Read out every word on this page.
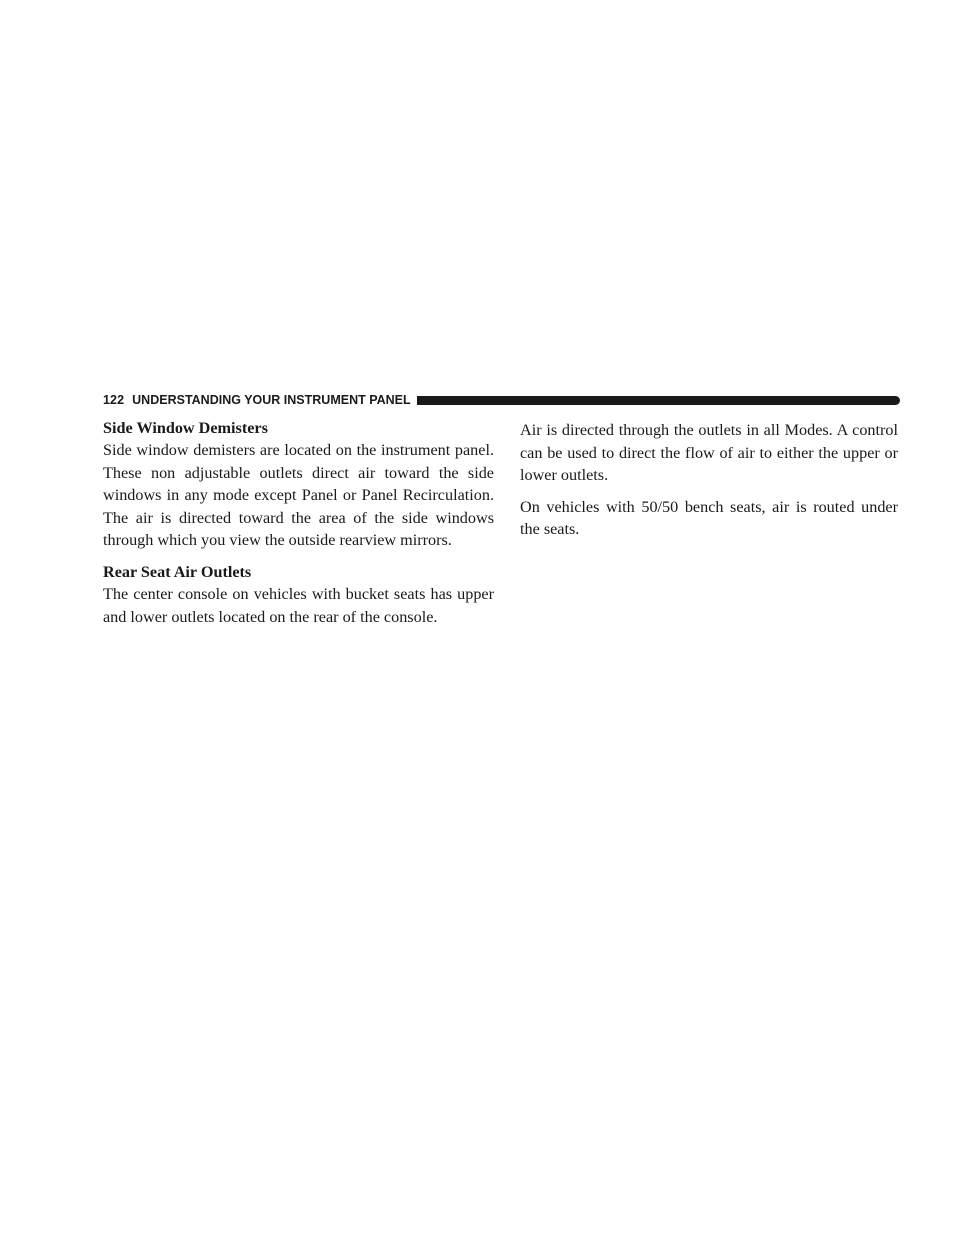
122 UNDERSTANDING YOUR INSTRUMENT PANEL
Side Window Demisters

Side window demisters are located on the instrument panel. These non adjustable outlets direct air toward the side windows in any mode except Panel or Panel Recirculation. The air is directed toward the area of the side windows through which you view the outside rearview mirrors.

Rear Seat Air Outlets

The center console on vehicles with bucket seats has upper and lower outlets located on the rear of the console.

Air is directed through the outlets in all Modes. A control can be used to direct the flow of air to either the upper or lower outlets.

On vehicles with 50/50 bench seats, air is routed under the seats.
